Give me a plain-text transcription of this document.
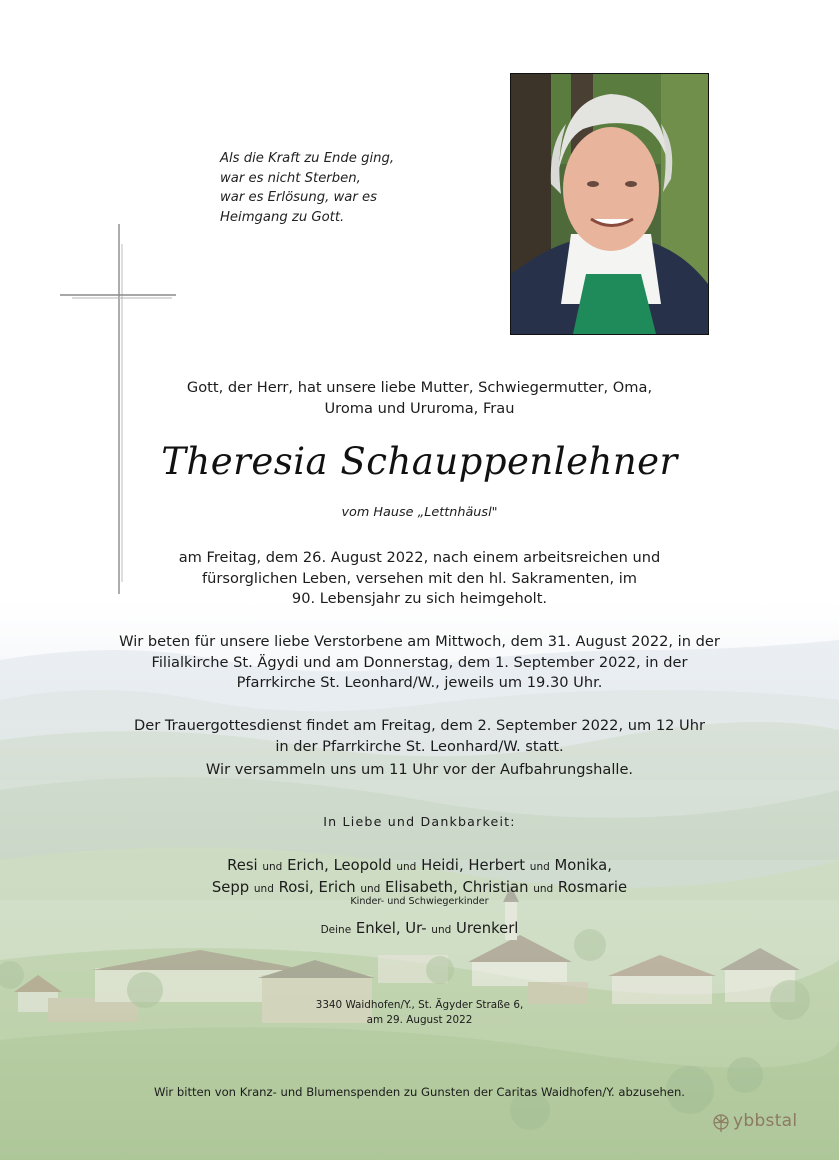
Als die Kraft zu Ende ging,
war es nicht Sterben,
war es Erlösung, war es
Heimgang zu Gott.
Gott, der Herr, hat unsere liebe Mutter, Schwiegermutter, Oma,
Uroma und Ururoma, Frau
Theresia Schauppenlehner
vom Hause „Lettnhäusl"
am Freitag, dem 26. August 2022, nach einem arbeitsreichen und
fürsorglichen Leben, versehen mit den hl. Sakramenten, im
90. Lebensjahr zu sich heimgeholt.
Wir beten für unsere liebe Verstorbene am Mittwoch, dem 31. August 2022, in der
Filialkirche St. Ägydi und am Donnerstag, dem 1. September 2022, in der
Pfarrkirche St. Leonhard/W., jeweils um 19.30 Uhr.
Der Trauergottesdienst findet am Freitag, dem 2. September 2022, um 12 Uhr
in der Pfarrkirche St. Leonhard/W. statt.
Wir versammeln uns um 11 Uhr vor der Aufbahrungshalle.
In Liebe und Dankbarkeit:
Resi und Erich, Leopold und Heidi, Herbert und Monika,
Sepp und Rosi, Erich und Elisabeth, Christian und Rosmarie
Kinder- und Schwiegerkinder
Deine Enkel, Ur- und Urenkerl
3340 Waidhofen/Y., St. Ägyder Straße 6,
am 29. August 2022
Wir bitten von Kranz- und Blumenspenden zu Gunsten der Caritas Waidhofen/Y. abzusehen.
ybbstal
